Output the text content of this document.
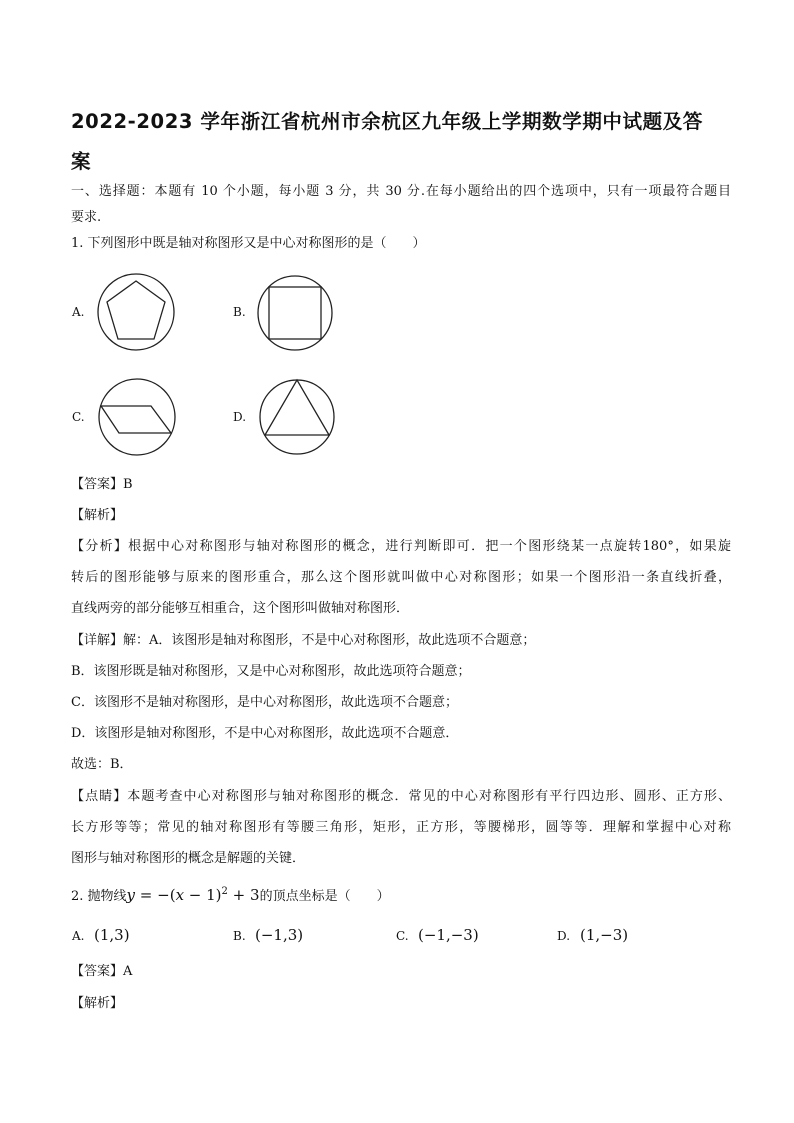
2022-2023 学年浙江省杭州市余杭区九年级上学期数学期中试题及答
案
一、选择题：本题有 10 个小题，每小题 3 分，共 30 分.在每小题给出的四个选项中，只有一项最符合题目
要求.
1. 下列图形中既是轴对称图形又是中心对称图形的是（　　）
A.	B.
C.	D.
【答案】B
【解析】
【分析】根据中心对称图形与轴对称图形的概念，进行判断即可．把一个图形绕某一点旋转180°，如果旋
转后的图形能够与原来的图形重合，那么这个图形就叫做中心对称图形；如果一个图形沿一条直线折叠，
直线两旁的部分能够互相重合，这个图形叫做轴对称图形．
【详解】解：A．该图形是轴对称图形，不是中心对称图形，故此选项不合题意；
B．该图形既是轴对称图形，又是中心对称图形，故此选项符合题意；
C．该图形不是轴对称图形，是中心对称图形，故此选项不合题意；
D．该图形是轴对称图形，不是中心对称图形，故此选项不合题意．
故选：B．
【点睛】本题考查中心对称图形与轴对称图形的概念．常见的中心对称图形有平行四边形、圆形、正方形、
长方形等等；常见的轴对称图形有等腰三角形，矩形，正方形，等腰梯形，圆等等．理解和掌握中心对称
图形与轴对称图形的概念是解题的关键．
2. 抛物线$y = -(x - 1)^2 + 3$的顶点坐标是（　　）
A. (1,3)	B. (−1,3)	C. (−1,−3)	D. (1,−3)
【答案】A
【解析】
